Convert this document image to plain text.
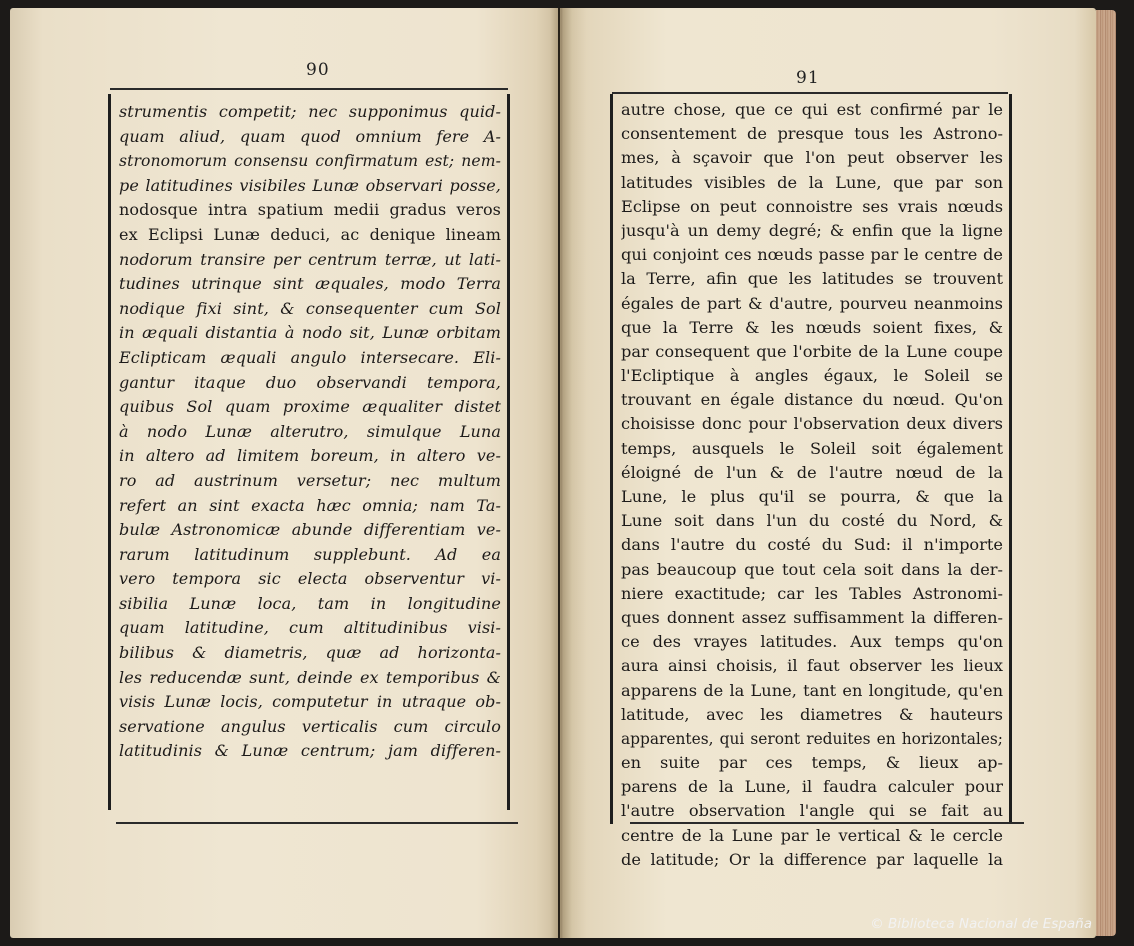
90
strumentis competit; nec supponimus quid-
quam aliud, quam quod omnium fere A-
stronomorum consensu confirmatum est; nem-
pe latitudines visibiles Lunæ observari posse,
nodosque intra spatium medii gradus veros
ex Eclipsi Lunæ deduci, ac denique lineam
nodorum transire per centrum terræ, ut lati-
tudines utrinque sint æquales, modo Terra
nodique fixi sint, & consequenter cum Sol
in æquali distantia à nodo sit, Lunæ orbitam
Eclipticam æquali angulo intersecare. Eli-
gantur itaque duo observandi tempora,
quibus Sol quam proxime æqualiter distet
à nodo Lunæ alterutro, simulque Luna
in altero ad limitem boreum, in altero ve-
ro ad austrinum versetur; nec multum
refert an sint exacta hæc omnia; nam Ta-
bulæ Astronomicæ abunde differentiam ve-
rarum latitudinum supplebunt. Ad ea
vero tempora sic electa observentur vi-
sibilia Lunæ loca, tam in longitudine
quam latitudine, cum altitudinibus visi-
bilibus & diametris, quæ ad horizonta-
les reducendæ sunt, deinde ex temporibus &
visis Lunæ locis, computetur in utraque ob-
servatione angulus verticalis cum circulo
latitudinis & Lunæ centrum; jam differen-
91
autre chose, que ce qui est confirmé par le
consentement de presque tous les Astrono-
mes, à sçavoir que l'on peut observer les
latitudes visibles de la Lune, que par son
Eclipse on peut connoistre ses vrais nœuds
jusqu'à un demy degré; & enfin que la ligne
qui conjoint ces nœuds passe par le centre de
la Terre, afin que les latitudes se trouvent
égales de part & d'autre, pourveu neanmoins
que la Terre & les nœuds soient fixes, &
par consequent que l'orbite de la Lune coupe
l'Ecliptique à angles égaux, le Soleil se
trouvant en égale distance du nœud. Qu'on
choisisse donc pour l'observation deux divers
temps, ausquels le Soleil soit également
éloigné de l'un & de l'autre nœud de la
Lune, le plus qu'il se pourra, & que la
Lune soit dans l'un du costé du Nord, &
dans l'autre du costé du Sud: il n'importe
pas beaucoup que tout cela soit dans la der-
niere exactitude; car les Tables Astronomi-
ques donnent assez suffisamment la differen-
ce des vrayes latitudes. Aux temps qu'on
aura ainsi choisis, il faut observer les lieux
apparens de la Lune, tant en longitude, qu'en
latitude, avec les diametres & hauteurs
apparentes, qui seront reduites en horizontales;
en suite par ces temps, & lieux ap-
parens de la Lune, il faudra calculer pour
l'autre observation l'angle qui se fait au
centre de la Lune par le vertical & le cercle
de latitude; Or la difference par laquelle la
© Biblioteca Nacional de España
